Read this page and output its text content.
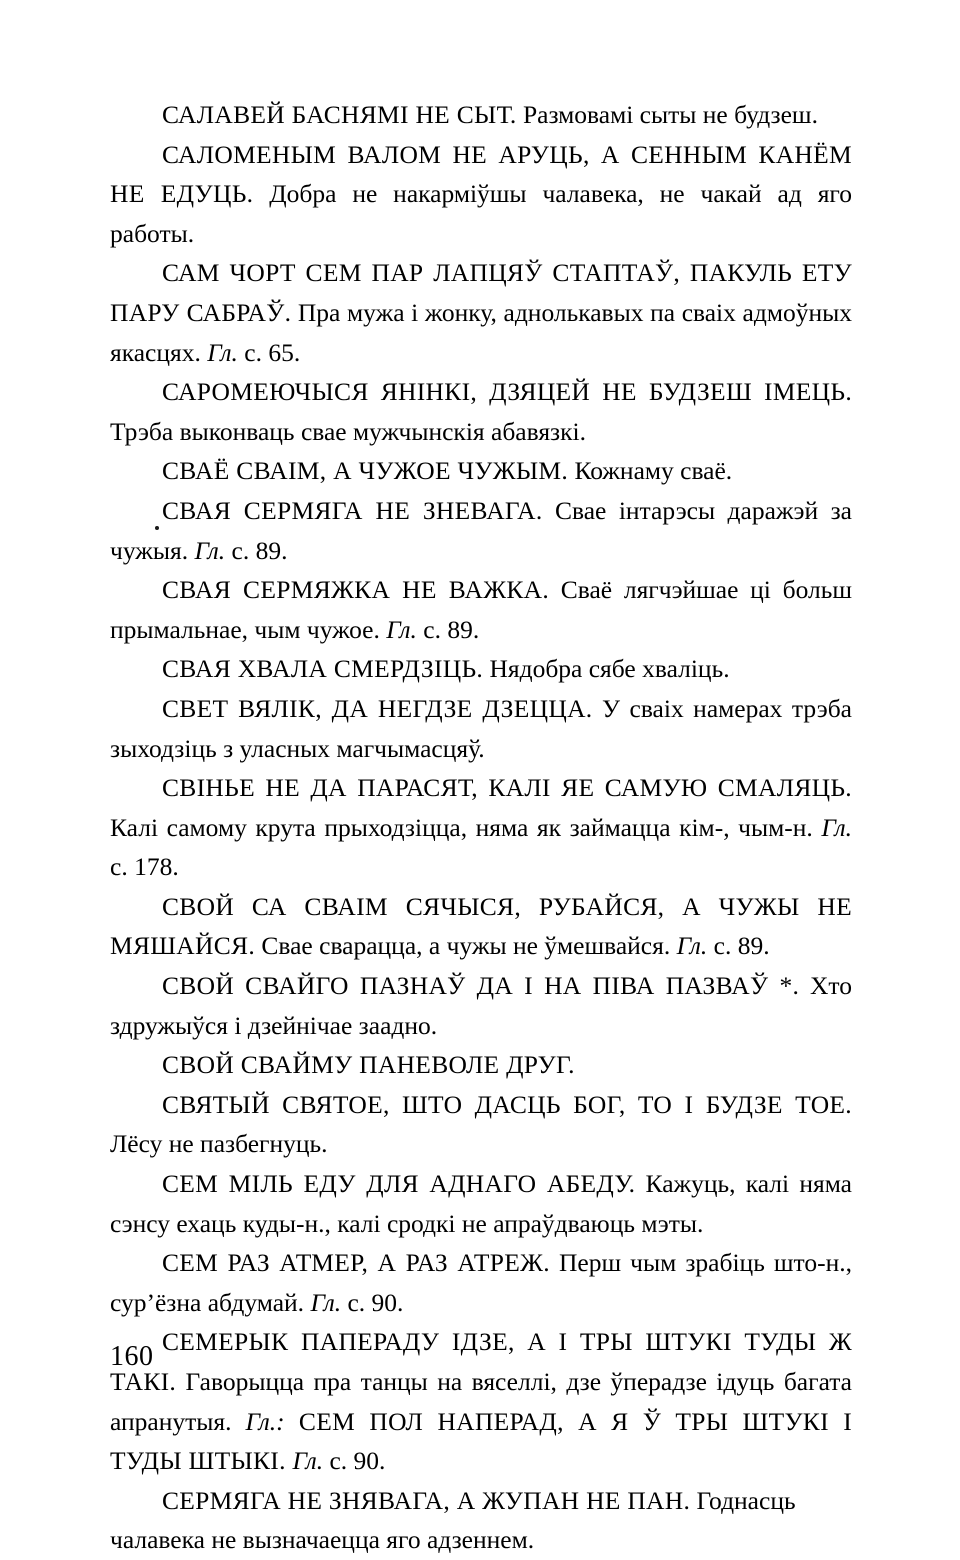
САЛАВЕЙ БАСНЯМІ НЕ СЫТ. Размовамі сыты не будзеш.

САЛОМЕНЫМ ВАЛОМ НЕ АРУЦЬ, А СЕННЫМ КАНЁМ НЕ ЕДУЦЬ. Добра не накарміўшы чалавека, не чакай ад яго работы.

САМ ЧОРТ СЕМ ПАР ЛАПЦЯЎ СТАПТАЎ, ПАКУЛЬ ЕТУ ПАРУ САБРАЎ. Пра мужа і жонку, аднолькавых па сваіх адмоўных якасцях. Гл. с. 65.

САРОМЕЮЧЫСЯ ЯНІНКІ, ДЗЯЦЕЙ НЕ БУДЗЕШ ІМЕЦЬ. Трэба выконваць свае мужчынскія абавязкі.

СВАЁ СВАІМ, А ЧУЖОЕ ЧУЖЫМ. Кожнаму сваё.

СВАЯ СЕРМЯГА НЕ ЗНЕВАГА. Свае інтарэсы даражэй за чужыя. Гл. с. 89.

СВАЯ СЕРМЯЖКА НЕ ВАЖКА. Сваё лягчэйшае ці больш прымальнае, чым чужое. Гл. с. 89.

СВАЯ ХВАЛА СМЕРДЗІЦЬ. Нядобра сябе хваліць.

СВЕТ ВЯЛІК, ДА НЕГДЗЕ ДЗЕЦЦА. У сваіх намерах трэба зыходзіць з уласных магчымасцяў.

СВІНЬЕ НЕ ДА ПАРАСЯТ, КАЛІ ЯЕ САМУЮ СМАЛЯЦЬ. Калі самому крута прыходзіцца, няма як займацца кім-, чым-н. Гл. с. 178.

СВОЙ СА СВАІМ СЯЧЫСЯ, РУБАЙСЯ, А ЧУЖЫ НЕ МЯШАЙСЯ. Свае сварацца, а чужы не ўмешвайся. Гл. с. 89.

СВОЙ СВАЙГО ПАЗНАЎ ДА І НА ПІВА ПАЗВАЎ *. Хто здружыўся і дзейнічае заадно.

СВОЙ СВАЙМУ ПАНЕВОЛЕ ДРУГ.

СВЯТЫЙ СВЯТОЕ, ШТО ДАСЦЬ БОГ, ТО І БУДЗЕ ТОЕ. Лёсу не пазбегнуць.

СЕМ МІЛЬ ЕДУ ДЛЯ АДНАГО АБЕДУ. Кажуць, калі няма сэнсу ехаць куды-н., калі сродкі не апраўдваюць мэты.

СЕМ РАЗ АТМЕР, А РАЗ АТРЕЖ. Перш чым зрабіць што-н., сур’ёзна абдумай. Гл. с. 90.

СЕМЕРЫК ПАПЕРАДУ ІДЗЕ, А І ТРЫ ШТУКІ ТУДЫ Ж ТАКІ. Гаворыцца пра танцы на вяселлі, дзе ўперадзе ідуць багата апранутыя. Гл.: СЕМ ПОЛ НАПЕРАД, А Я Ў ТРЫ ШТУКІ І ТУДЫ ШТЫКІ. Гл. с. 90.

СЕРМЯГА НЕ ЗНЯВАГА, А ЖУПАН НЕ ПАН. Годнасць чалавека не вызначаецца яго адзеннем.

160
